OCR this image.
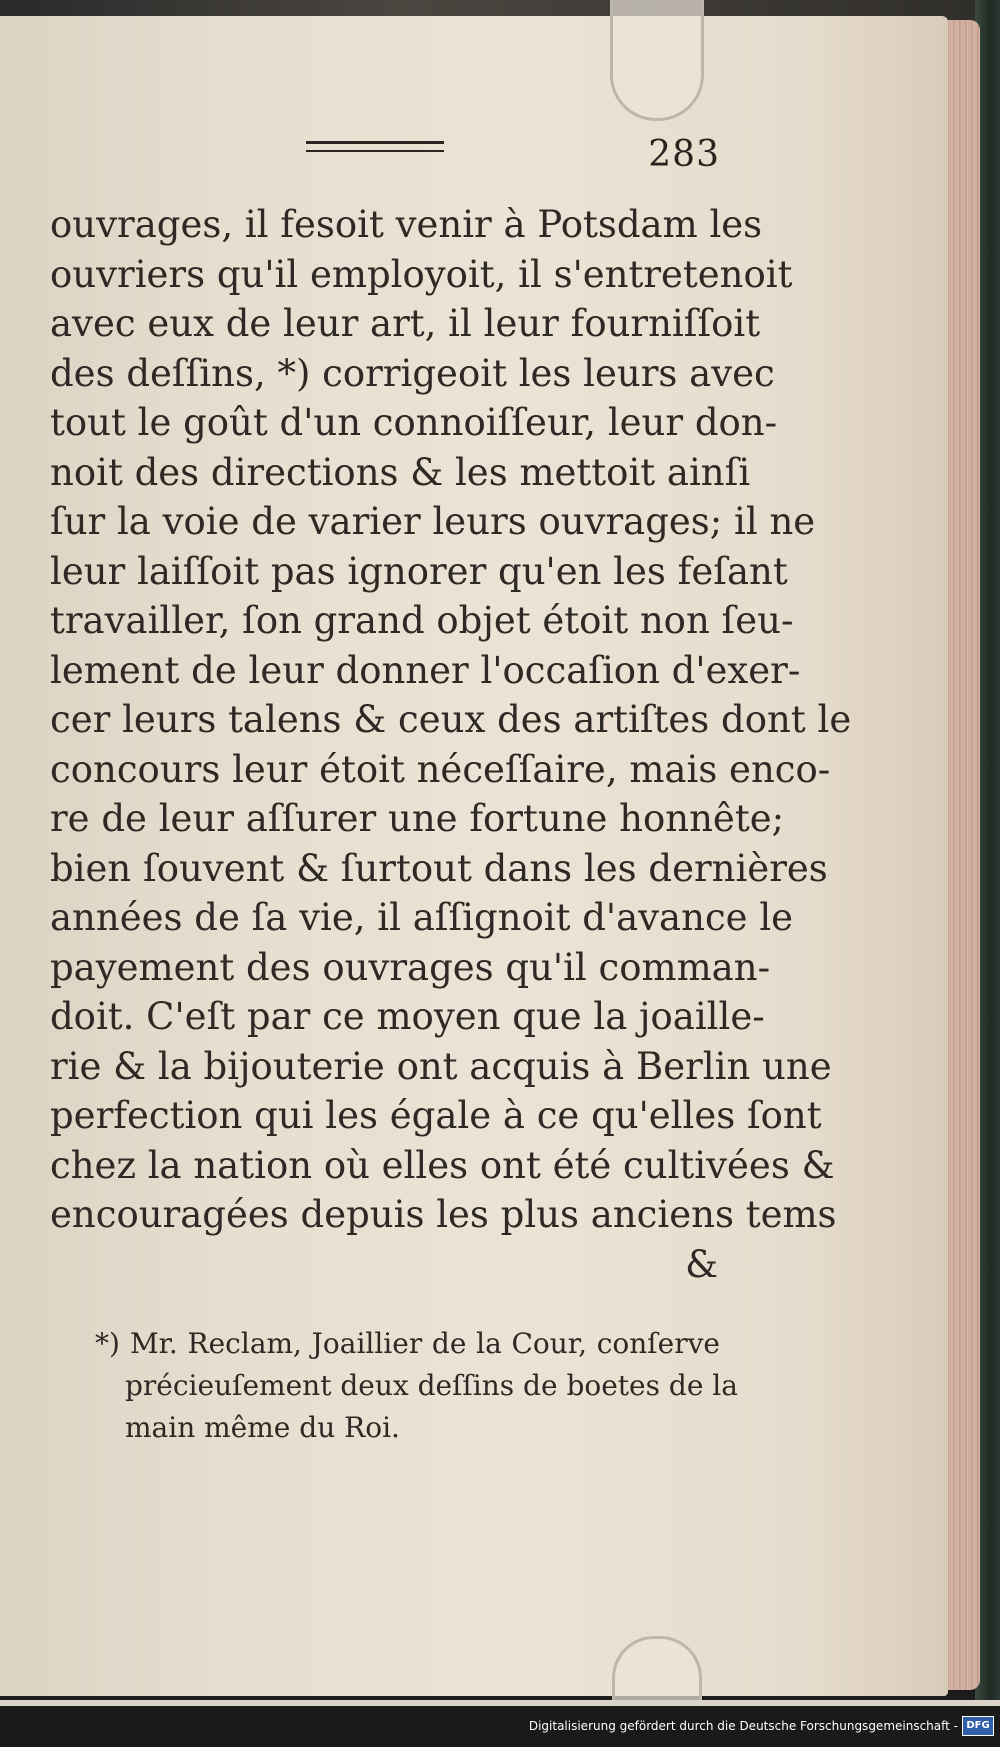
283
ouvrages, il fesoit venir à Potsdam les
ouvriers qu'il employoit, il s'entretenoit
avec eux de leur art, il leur fourniſſoit
des deſſins, *) corrigeoit les leurs avec
tout le goût d'un connoiſſeur, leur don-
noit des directions & les mettoit ainſi
ſur la voie de varier leurs ouvrages; il ne
leur laiſſoit pas ignorer qu'en les feſant
travailler, ſon grand objet étoit non ſeu-
lement de leur donner l'occaſion d'exer-
cer leurs talens & ceux des artiſtes dont le
concours leur étoit néceſſaire, mais enco-
re de leur aſſurer une fortune honnête;
bien ſouvent & ſurtout dans les dernières
années de ſa vie, il aſſignoit d'avance le
payement des ouvrages qu'il comman-
doit. C'eſt par ce moyen que la joaille-
rie & la bijouterie ont acquis à Berlin une
perfection qui les égale à ce qu'elles ſont
chez la nation où elles ont été cultivées &
encouragées depuis les plus anciens tems
&
*) Mr. Reclam, Joaillier de la Cour, conſerve
précieuſement deux deſſins de boetes de la
main même du Roi.
Digitalisierung gefördert durch die Deutsche Forschungsgemeinschaft - DFG
